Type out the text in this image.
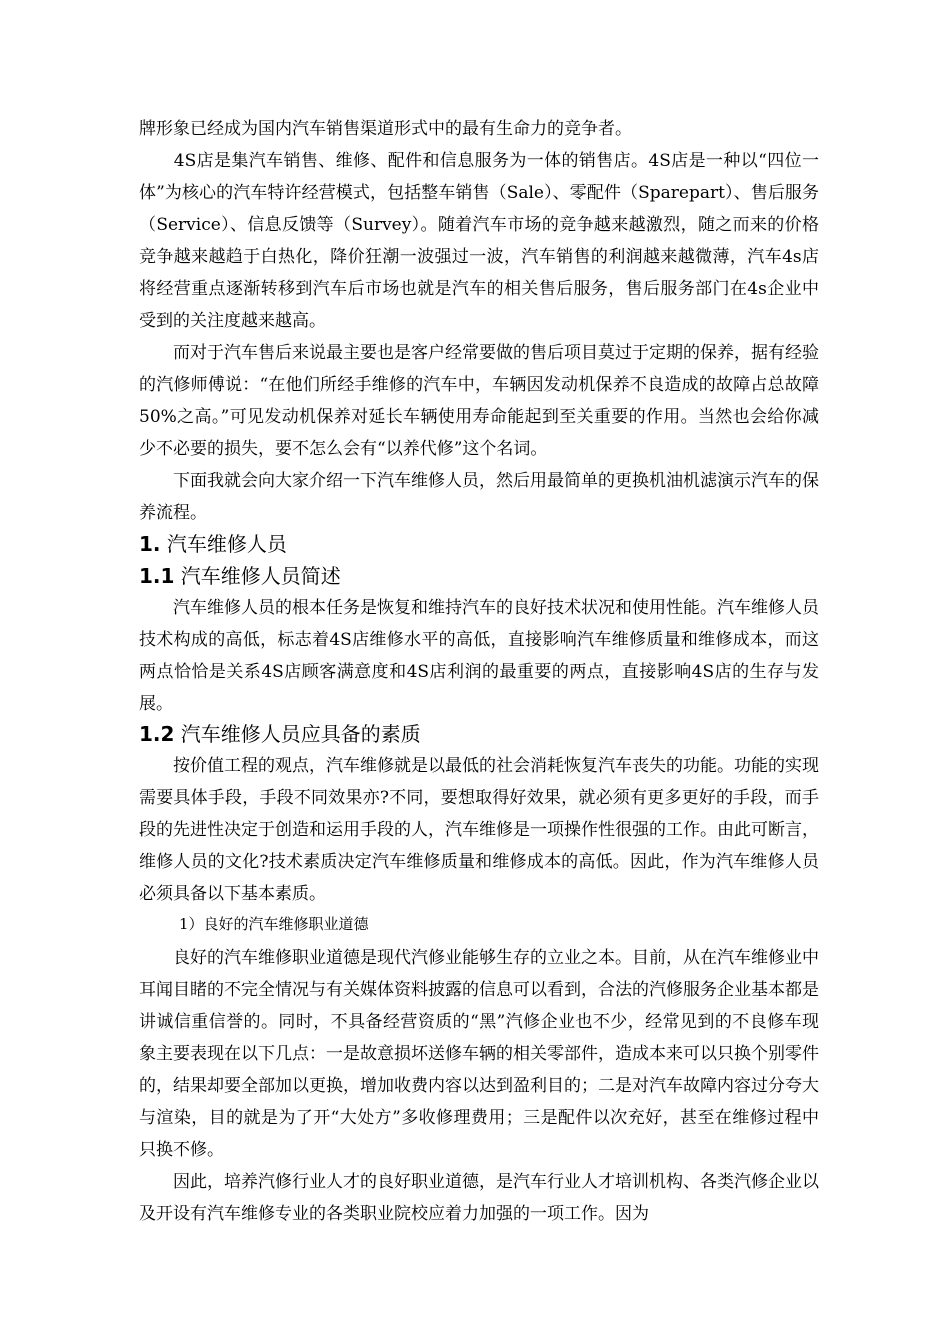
牌形象已经成为国内汽车销售渠道形式中的最有生命力的竞争者。

　　4S店是集汽车销售、维修、配件和信息服务为一体的销售店。4S店是一种以“四位一体”为核心的汽车特许经营模式，包括整车销售（Sale）、零配件（Sparepart）、售后服务（Service）、信息反馈等（Survey）。随着汽车市场的竞争越来越激烈，随之而来的价格竞争越来越趋于白热化，降价狂潮一波强过一波，汽车销售的利润越来越微薄，汽车4s店将经营重点逐渐转移到汽车后市场也就是汽车的相关售后服务，售后服务部门在4s企业中受到的关注度越来越高。

　　而对于汽车售后来说最主要也是客户经常要做的售后项目莫过于定期的保养，据有经验的汽修师傅说：“在他们所经手维修的汽车中，车辆因发动机保养不良造成的故障占总故障50%之高。”可见发动机保养对延长车辆使用寿命能起到至关重要的作用。当然也会给你减少不必要的损失，要不怎么会有“以养代修”这个名词。

　　下面我就会向大家介绍一下汽车维修人员，然后用最简单的更换机油机滤演示汽车的保养流程。

1. 汽车维修人员
1.1 汽车维修人员简述

　　汽车维修人员的根本任务是恢复和维持汽车的良好技术状况和使用性能。汽车维修人员技术构成的高低，标志着4S店维修水平的高低，直接影响汽车维修质量和维修成本，而这两点恰恰是关系4S店顾客满意度和4S店利润的最重要的两点，直接影响4S店的生存与发展。

1.2 汽车维修人员应具备的素质

　　按价值工程的观点，汽车维修就是以最低的社会消耗恢复汽车丧失的功能。功能的实现需要具体手段，手段不同效果亦?不同，要想取得好效果，就必须有更多更好的手段，而手段的先进性决定于创造和运用手段的人，汽车维修是一项操作性很强的工作。由此可断言，维修人员的文化?技术素质决定汽车维修质量和维修成本的高低。因此，作为汽车维修人员必须具备以下基本素质。

1）良好的汽车维修职业道德

　　良好的汽车维修职业道德是现代汽修业能够生存的立业之本。目前，从在汽车维修业中耳闻目睹的不完全情况与有关媒体资料披露的信息可以看到，合法的汽修服务企业基本都是讲诚信重信誉的。同时，不具备经营资质的“黑”汽修企业也不少，经常见到的不良修车现象主要表现在以下几点：一是故意损坏送修车辆的相关零部件，造成本来可以只换个别零件的，结果却要全部加以更换，增加收费内容以达到盈利目的；二是对汽车故障内容过分夸大与渲染，目的就是为了开“大处方”多收修理费用；三是配件以次充好，甚至在维修过程中只换不修。

　　因此，培养汽修行业人才的良好职业道德，是汽车行业人才培训机构、各类汽修企业以及开设有汽车维修专业的各类职业院校应着力加强的一项工作。因为
